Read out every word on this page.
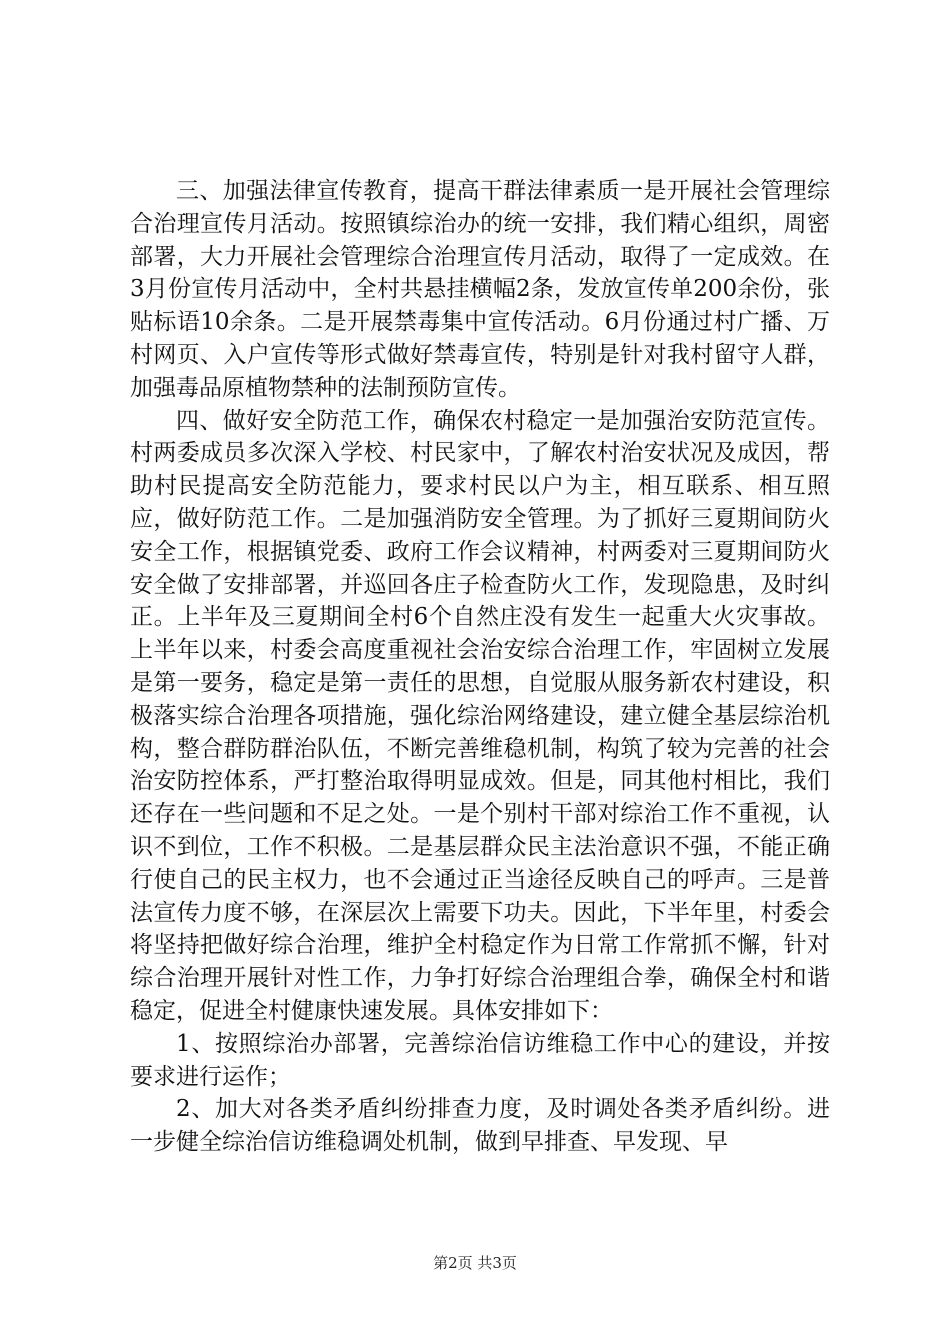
三、加强法律宣传教育，提高干群法律素质一是开展社会管理综合治理宣传月活动。按照镇综治办的统一安排，我们精心组织，周密部署，大力开展社会管理综合治理宣传月活动，取得了一定成效。在3月份宣传月活动中，全村共悬挂横幅2条，发放宣传单200余份，张贴标语10余条。二是开展禁毒集中宣传活动。6月份通过村广播、万村网页、入户宣传等形式做好禁毒宣传，特别是针对我村留守人群，加强毒品原植物禁种的法制预防宣传。

四、做好安全防范工作，确保农村稳定一是加强治安防范宣传。村两委成员多次深入学校、村民家中，了解农村治安状况及成因，帮助村民提高安全防范能力，要求村民以户为主，相互联系、相互照应，做好防范工作。二是加强消防安全管理。为了抓好三夏期间防火安全工作，根据镇党委、政府工作会议精神，村两委对三夏期间防火安全做了安排部署，并巡回各庄子检查防火工作，发现隐患，及时纠正。上半年及三夏期间全村6个自然庄没有发生一起重大火灾事故。上半年以来，村委会高度重视社会治安综合治理工作，牢固树立发展是第一要务，稳定是第一责任的思想，自觉服从服务新农村建设，积极落实综合治理各项措施，强化综治网络建设，建立健全基层综治机构，整合群防群治队伍，不断完善维稳机制，构筑了较为完善的社会治安防控体系，严打整治取得明显成效。但是，同其他村相比，我们还存在一些问题和不足之处。一是个别村干部对综治工作不重视，认识不到位，工作不积极。二是基层群众民主法治意识不强，不能正确行使自己的民主权力，也不会通过正当途径反映自己的呼声。三是普法宣传力度不够，在深层次上需要下功夫。因此，下半年里，村委会将坚持把做好综合治理，维护全村稳定作为日常工作常抓不懈，针对综合治理开展针对性工作，力争打好综合治理组合拳，确保全村和谐稳定，促进全村健康快速发展。具体安排如下：

1、按照综治办部署，完善综治信访维稳工作中心的建设，并按要求进行运作；

2、加大对各类矛盾纠纷排查力度，及时调处各类矛盾纠纷。进一步健全综治信访维稳调处机制，做到早排查、早发现、早

第2页 共3页
